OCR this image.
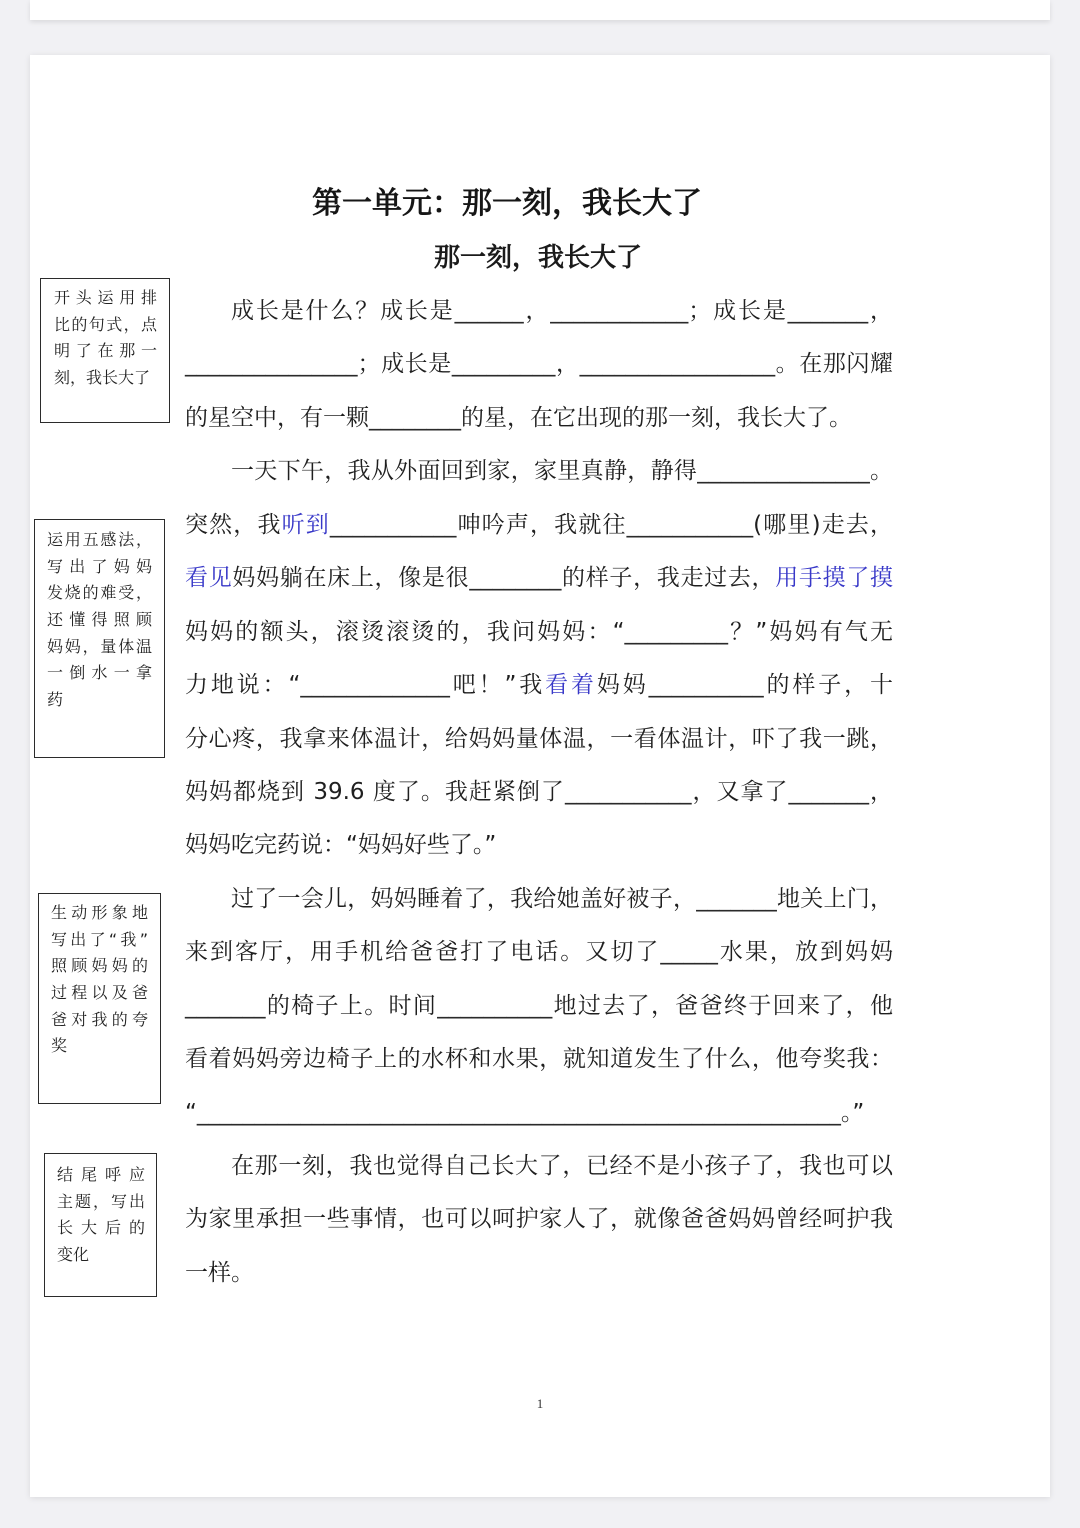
第一单元：那一刻，我长大了
那一刻，我长大了
开头运用排
比的句式，点
明了在那一
刻，我长大了
运用五感法，
写出了妈妈
发烧的难受，
还懂得照顾
妈妈，量体温
一倒水一拿
药
生动形象地
写出了“我”
照顾妈妈的
过程以及爸
爸对我的夸
奖
结尾呼应
主题，写出
长大后的
变化
成长是什么？成长是______，____________；成长是_______，
_______________；成长是_________，_________________。在那闪耀
的星空中，有一颗________的星，在它出现的那一刻，我长大了。
一天下午，我从外面回到家，家里真静，静得_______________。
突然，我听到___________呻吟声，我就往___________(哪里)走去，
看见妈妈躺在床上，像是很________的样子，我走过去，用手摸了摸
妈妈的额头，滚烫滚烫的，我问妈妈：“_________？”妈妈有气无
力地说：“_____________吧！”我看着妈妈__________的样子，十
分心疼，我拿来体温计，给妈妈量体温，一看体温计，吓了我一跳，
妈妈都烧到 39.6 度了。我赶紧倒了___________，又拿了_______，
妈妈吃完药说：“妈妈好些了。”
过了一会儿，妈妈睡着了，我给她盖好被子，_______地关上门，
来到客厅，用手机给爸爸打了电话。又切了_____水果，放到妈妈
_______的椅子上。时间__________地过去了，爸爸终于回来了，他
看着妈妈旁边椅子上的水杯和水果，就知道发生了什么，他夸奖我：
“________________________________________________________。”
在那一刻，我也觉得自己长大了，已经不是小孩子了，我也可以
为家里承担一些事情，也可以呵护家人了，就像爸爸妈妈曾经呵护我
一样。
1
